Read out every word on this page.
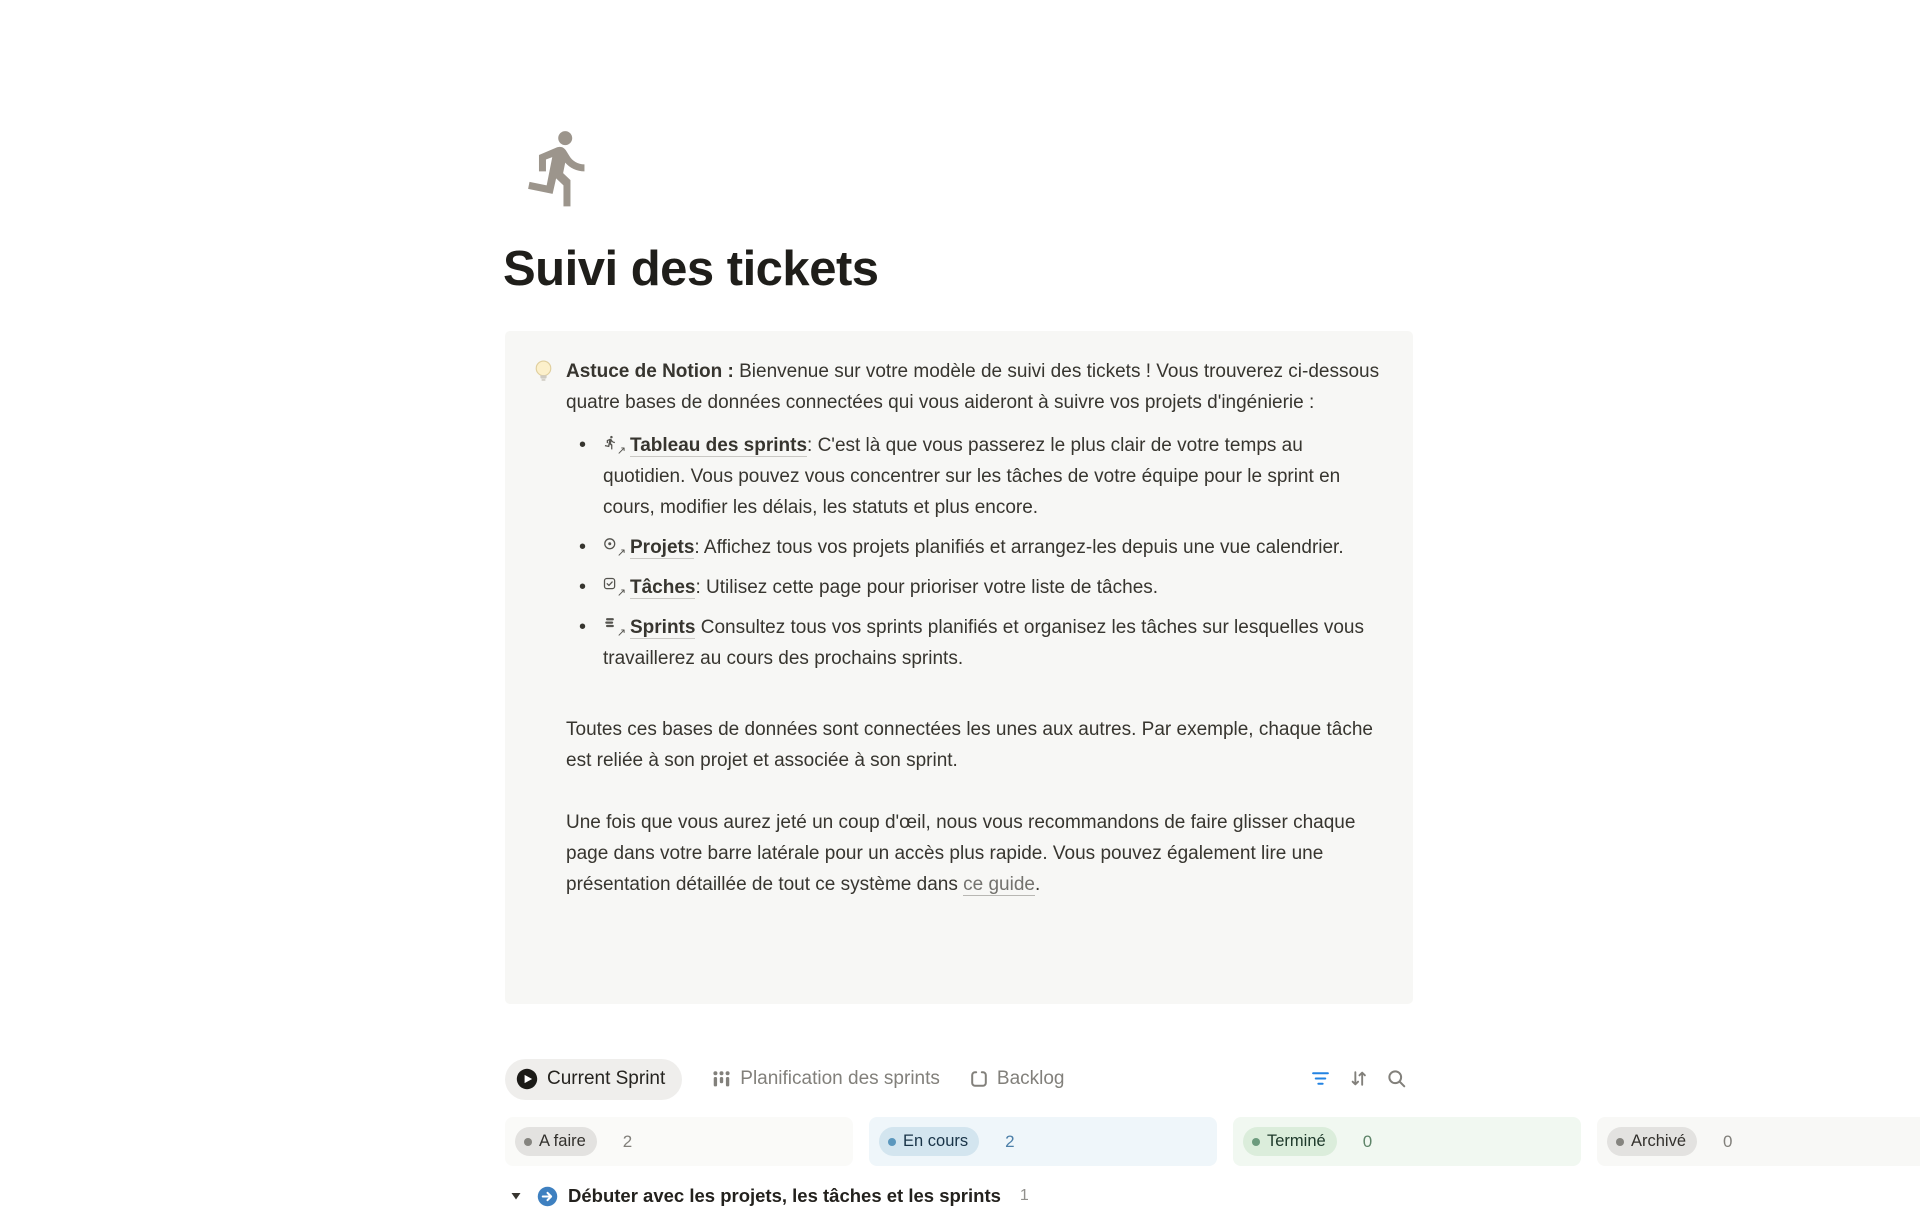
Suivi des tickets

Astuce de Notion : Bienvenue sur votre modèle de suivi des tickets ! Vous trouverez ci-dessous quatre bases de données connectées qui vous aideront à suivre vos projets d'ingénierie :

• ↗ Tableau des sprints: C'est là que vous passerez le plus clair de votre temps au quotidien. Vous pouvez vous concentrer sur les tâches de votre équipe pour le sprint en cours, modifier les délais, les statuts et plus encore.
• ↗ Projets: Affichez tous vos projets planifiés et arrangez-les depuis une vue calendrier.
• ↗ Tâches: Utilisez cette page pour prioriser votre liste de tâches.
• ↗ Sprints Consultez tous vos sprints planifiés et organisez les tâches sur lesquelles vous travaillerez au cours des prochains sprints.

Toutes ces bases de données sont connectées les unes aux autres. Par exemple, chaque tâche est reliée à son projet et associée à son sprint.

Une fois que vous aurez jeté un coup d'œil, nous vous recommandons de faire glisser chaque page dans votre barre latérale pour un accès plus rapide. Vous pouvez également lire une présentation détaillée de tout ce système dans ce guide.

Current Sprint	Planification des sprints	Backlog
A faire 2	En cours 2	Terminé 0	Archivé 0
Débuter avec les projets, les tâches et les sprints 1
